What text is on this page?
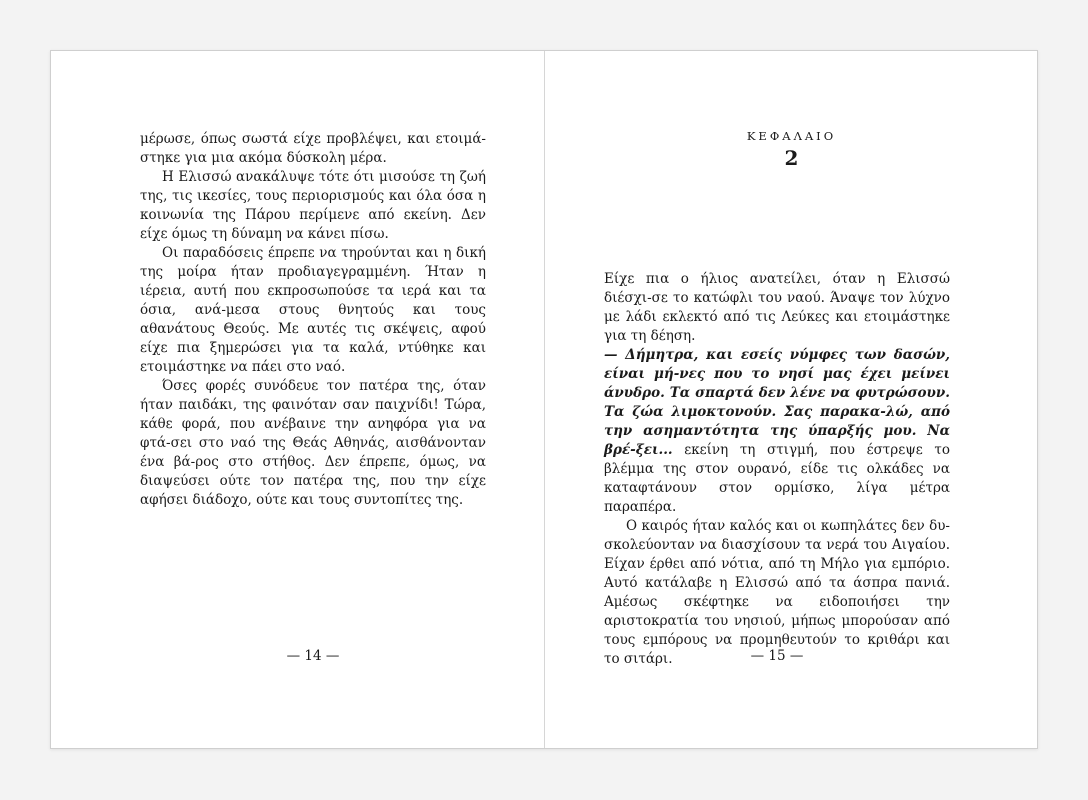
μέρωσε, όπως σωστά είχε προβλέψει, και ετοιμά-στηκε για μια ακόμα δύσκολη μέρα.

Η Ελισσώ ανακάλυψε τότε ότι μισούσε τη ζωή της, τις ικεσίες, τους περιορισμούς και όλα όσα η κοινωνία της Πάρου περίμενε από εκείνη. Δεν είχε όμως τη δύναμη να κάνει πίσω.

Οι παραδόσεις έπρεπε να τηρούνται και η δική της μοίρα ήταν προδιαγεγραμμένη. Ήταν η ιέρεια, αυτή που εκπροσωπούσε τα ιερά και τα όσια, ανά-μεσα στους θνητούς και τους αθανάτους Θεούς. Με αυτές τις σκέψεις, αφού είχε πια ξημερώσει για τα καλά, ντύθηκε και ετοιμάστηκε να πάει στο ναό.

Όσες φορές συνόδευε τον πατέρα της, όταν ήταν παιδάκι, της φαινόταν σαν παιχνίδι! Τώρα, κάθε φορά, που ανέβαινε την ανηφόρα για να φτά-σει στο ναό της Θεάς Αθηνάς, αισθάνονταν ένα βά-ρος στο στήθος. Δεν έπρεπε, όμως, να διαψεύσει ούτε τον πατέρα της, που την είχε αφήσει διάδοχο, ούτε και τους συντοπίτες της.

— 14 —
ΚΕΦΑΛΑΙΟ
2

Είχε πια ο ήλιος ανατείλει, όταν η Ελισσώ διέσχι-σε το κατώφλι του ναού. Άναψε τον λύχνο με λάδι εκλεκτό από τις Λεύκες και ετοιμάστηκε για τη δέηση.

— Δήμητρα, και εσείς νύμφες των δασών, είναι μή-νες που το νησί μας έχει μείνει άνυδρο. Τα σπαρτά δεν λένε να φυτρώσουν. Τα ζώα λιμοκτονούν. Σας παρακα-λώ, από την ασημαντότητα της ύπαρξής μου. Να βρέ-ξει... εκείνη τη στιγμή, που έστρεψε το βλέμμα της στον ουρανό, είδε τις ολκάδες να καταφτάνουν στον ορμίσκο, λίγα μέτρα παραπέρα.

Ο καιρός ήταν καλός και οι κωπηλάτες δεν δυ-σκολεύονταν να διασχίσουν τα νερά του Αιγαίου. Είχαν έρθει από νότια, από τη Μήλο για εμπόριο. Αυτό κατάλαβε η Ελισσώ από τα άσπρα πανιά. Αμέσως σκέφτηκε να ειδοποιήσει την αριστοκρατία του νησιού, μήπως μπορούσαν από τους εμπόρους να προμηθευτούν το κριθάρι και το σιτάρι.	— 15 —
